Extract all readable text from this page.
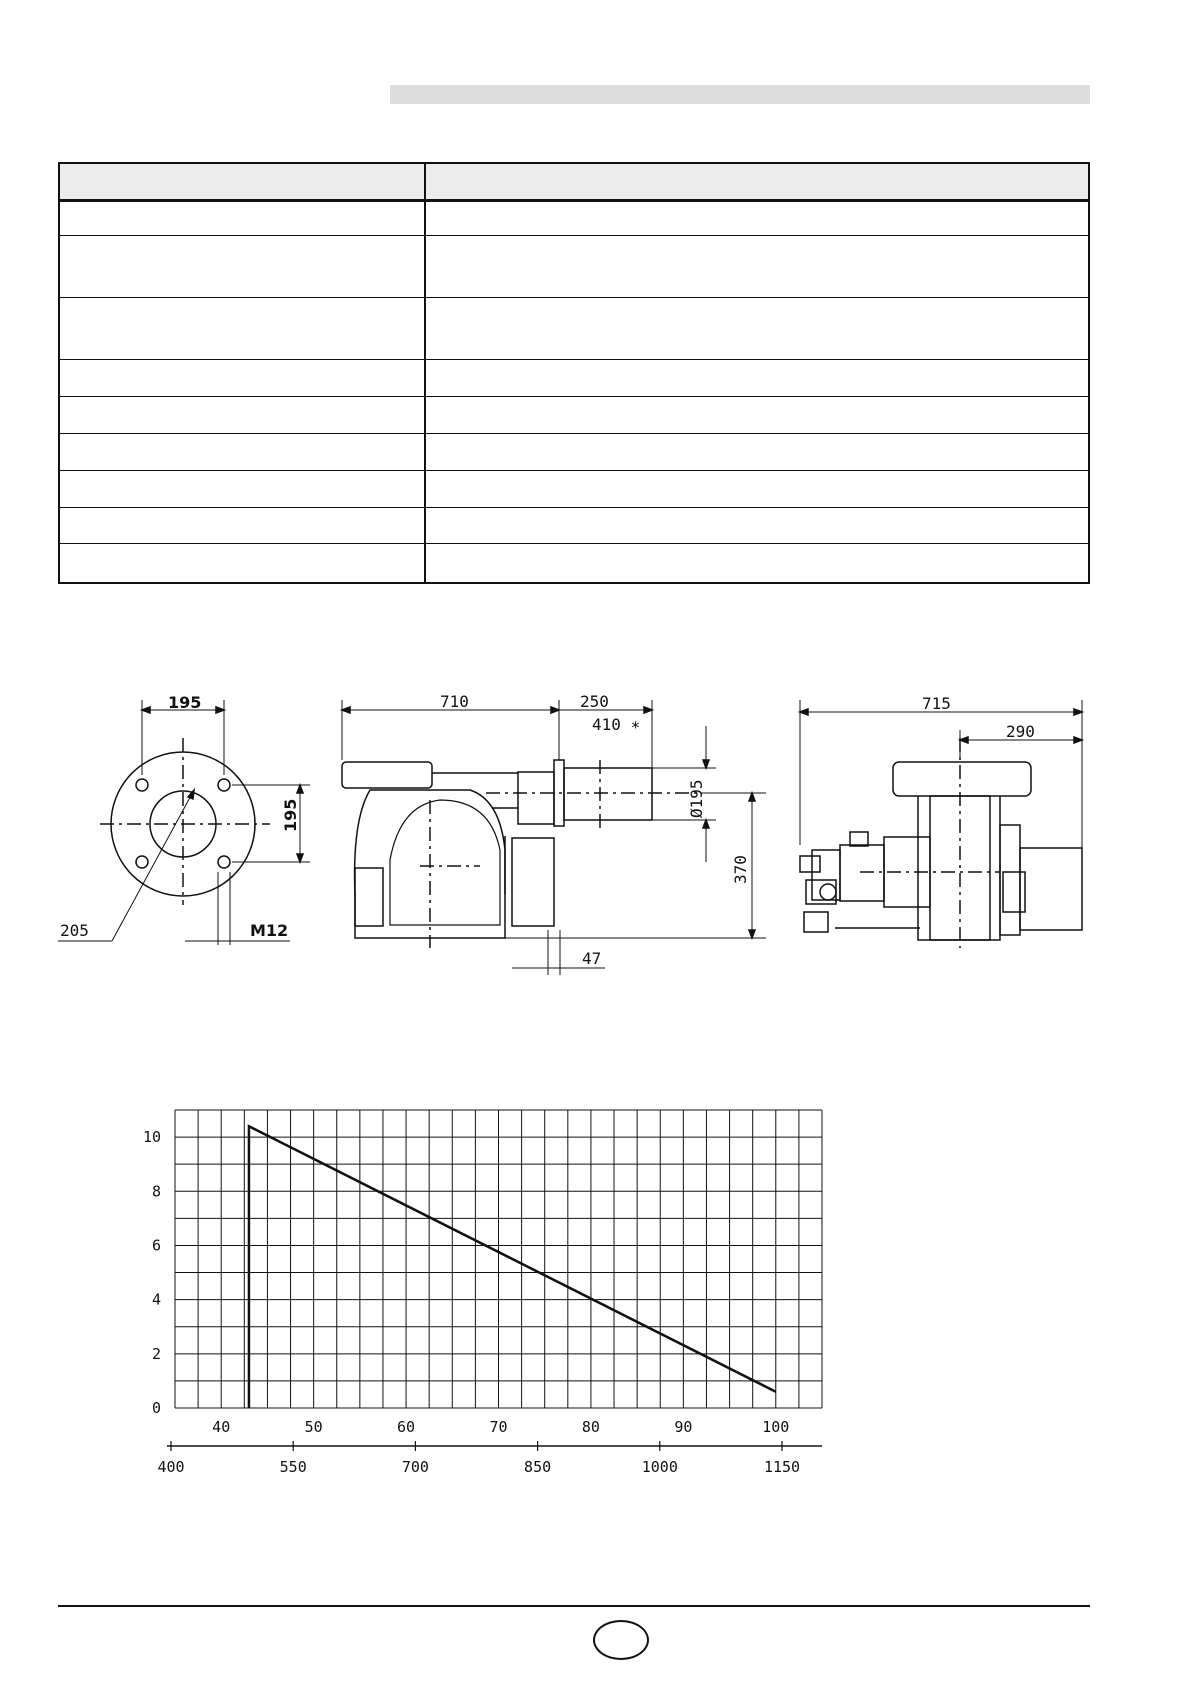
195
195
205	M12
710	250
410 ∗
Ø195
370
47
715
290
0
2
4
6
8
10
40	50	60	70	80	90	100
400	550	700	850	1000	1150
